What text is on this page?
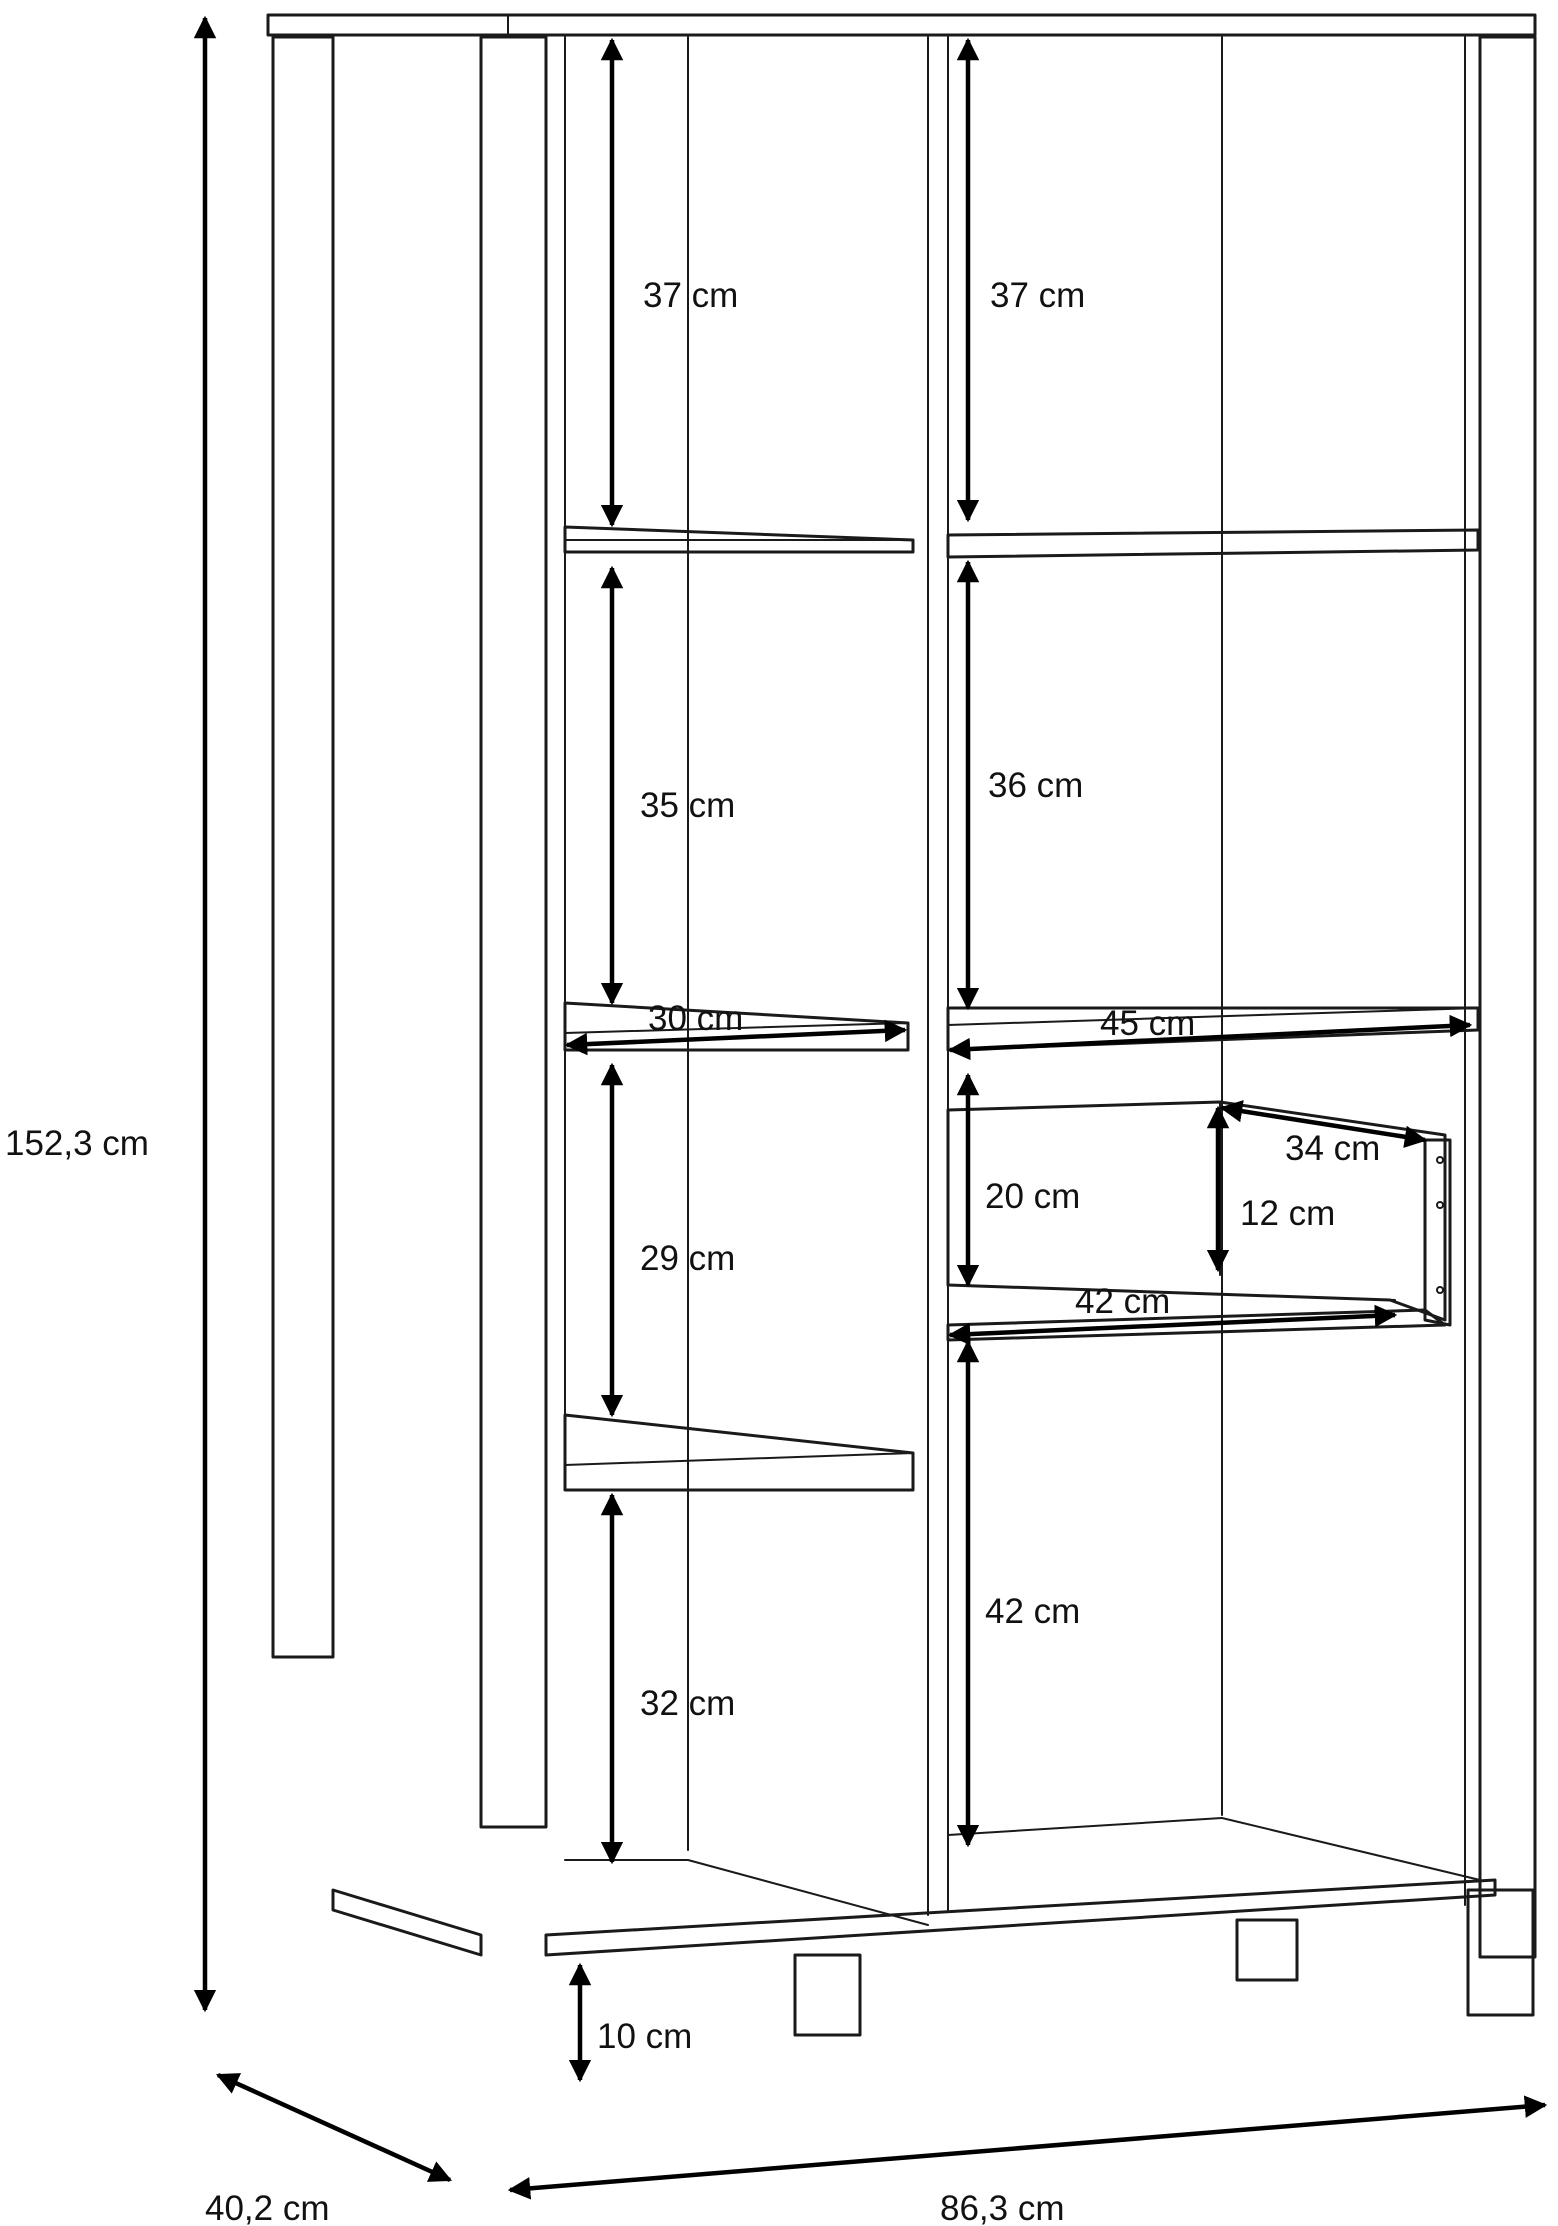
152,3 cm
40,2 cm	86,3 cm
10 cm
37 cm
35 cm
30 cm
29 cm
32 cm
37 cm
36 cm
45 cm
34 cm
12 cm
20 cm
42 cm
42 cm
